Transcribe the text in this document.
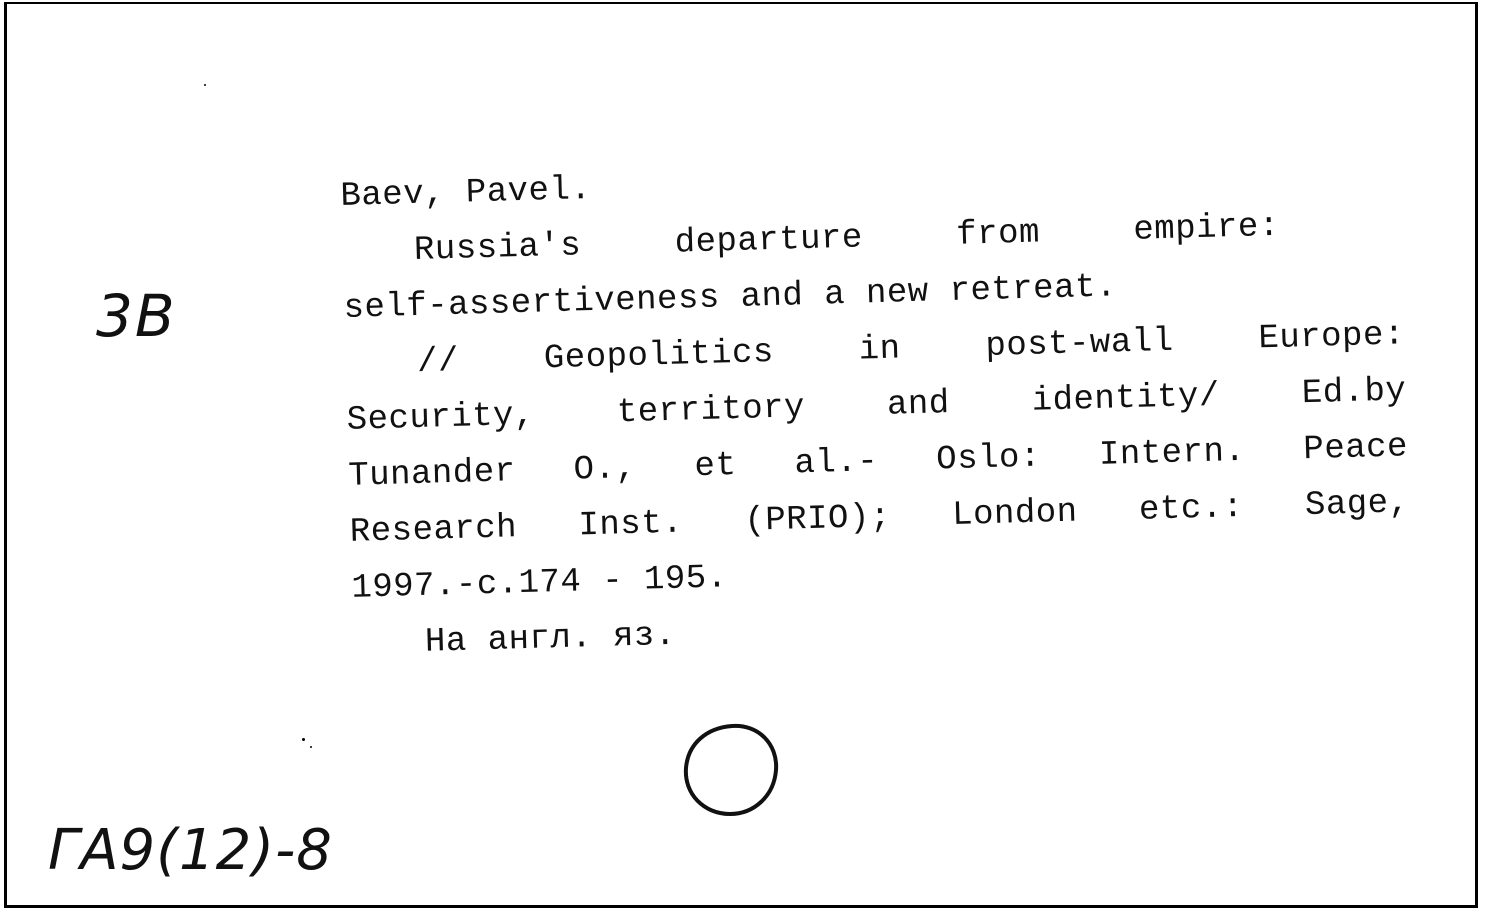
3В
Baev, Pavel.
Russia's	departure	from	empire:
self-assertiveness and a new retreat.
// Geopolitics in post-wall Europe:
Security, territory and identity/ Ed.by
Tunander O., et al.- Oslo: Intern. Peace
Research Inst. (PRIO); London etc.: Sage,
1997.-c.174 - 195.
На англ. яз.
ГА9(12)-8
